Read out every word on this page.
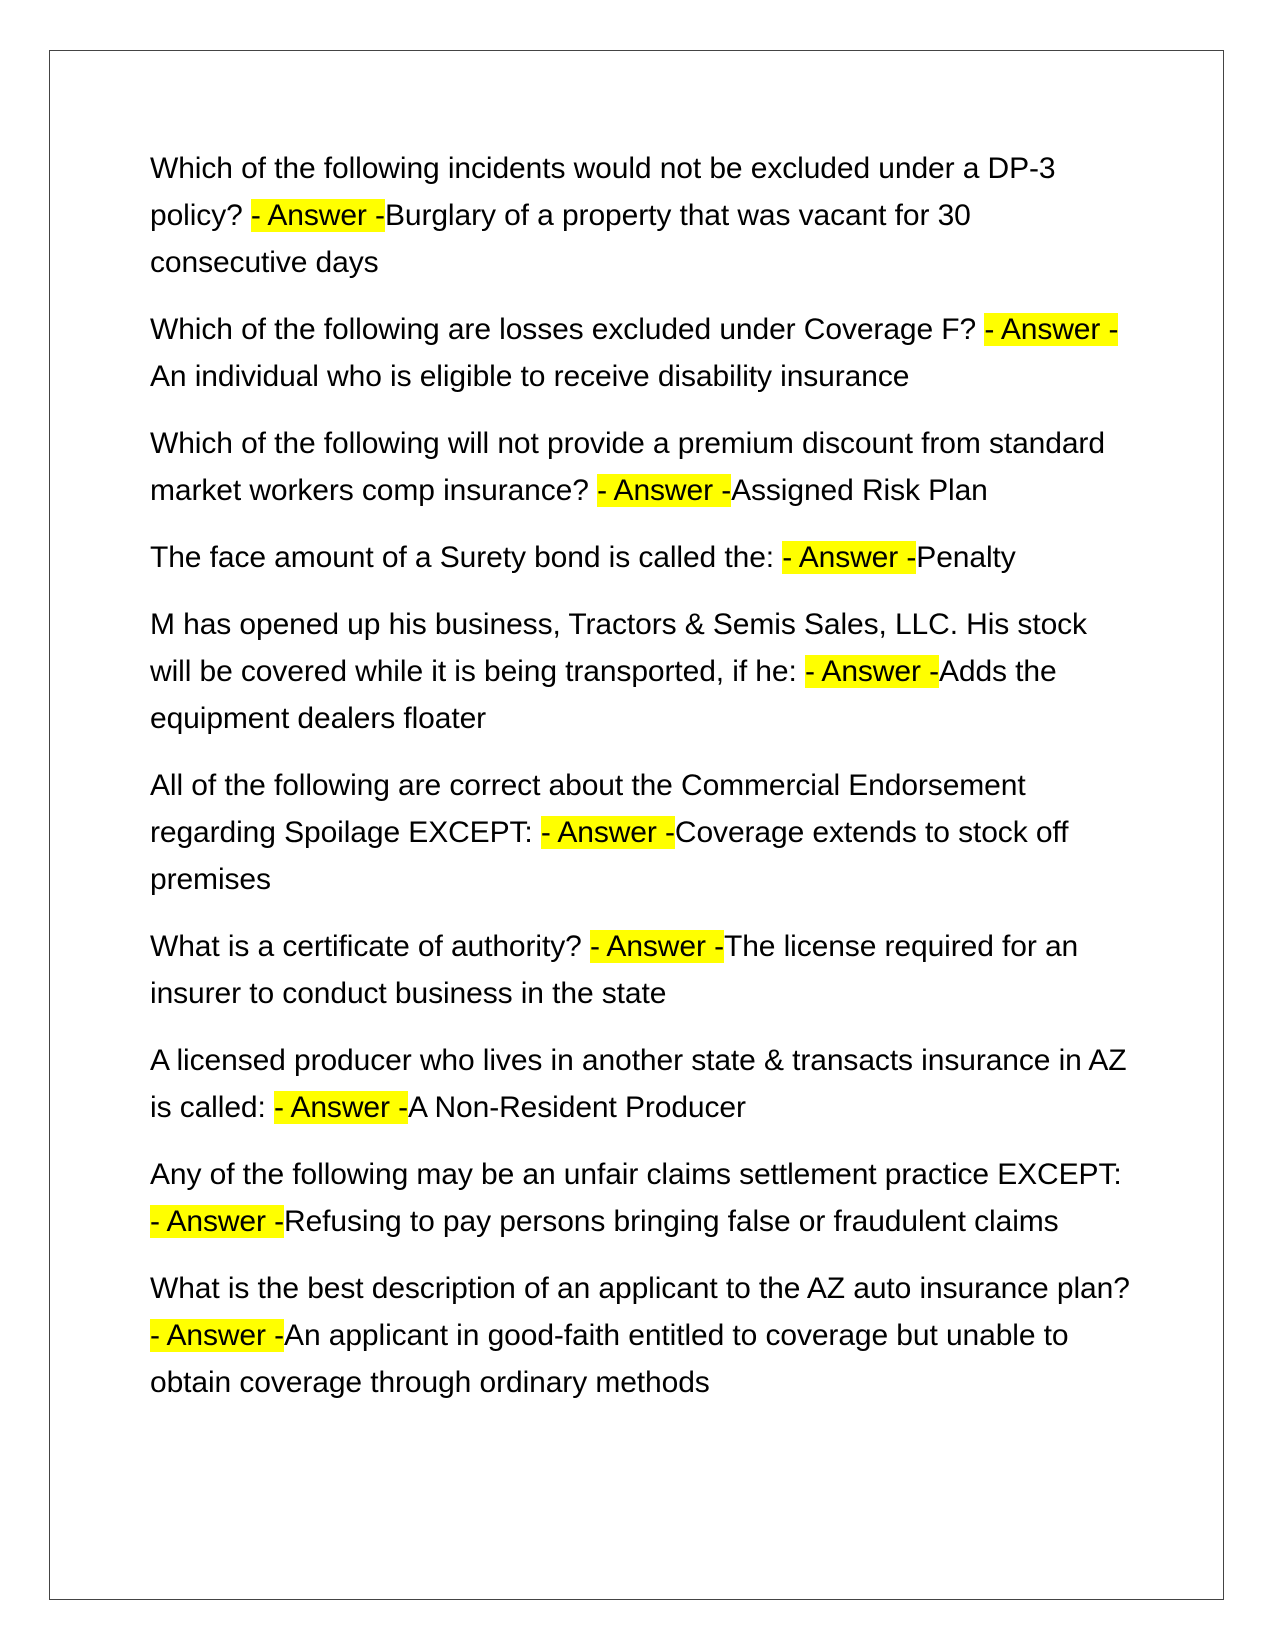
Which of the following incidents would not be excluded under a DP-3 policy? - Answer -Burglary of a property that was vacant for 30 consecutive days

Which of the following are losses excluded under Coverage F? - Answer -An individual who is eligible to receive disability insurance

Which of the following will not provide a premium discount from standard market workers comp insurance? - Answer -Assigned Risk Plan

The face amount of a Surety bond is called the: - Answer -Penalty

M has opened up his business, Tractors & Semis Sales, LLC. His stock will be covered while it is being transported, if he: - Answer -Adds the equipment dealers floater

All of the following are correct about the Commercial Endorsement regarding Spoilage EXCEPT: - Answer -Coverage extends to stock off premises

What is a certificate of authority? - Answer -The license required for an insurer to conduct business in the state

A licensed producer who lives in another state & transacts insurance in AZ is called: - Answer -A Non-Resident Producer

Any of the following may be an unfair claims settlement practice EXCEPT: - Answer -Refusing to pay persons bringing false or fraudulent claims

What is the best description of an applicant to the AZ auto insurance plan? - Answer -An applicant in good-faith entitled to coverage but unable to obtain coverage through ordinary methods
